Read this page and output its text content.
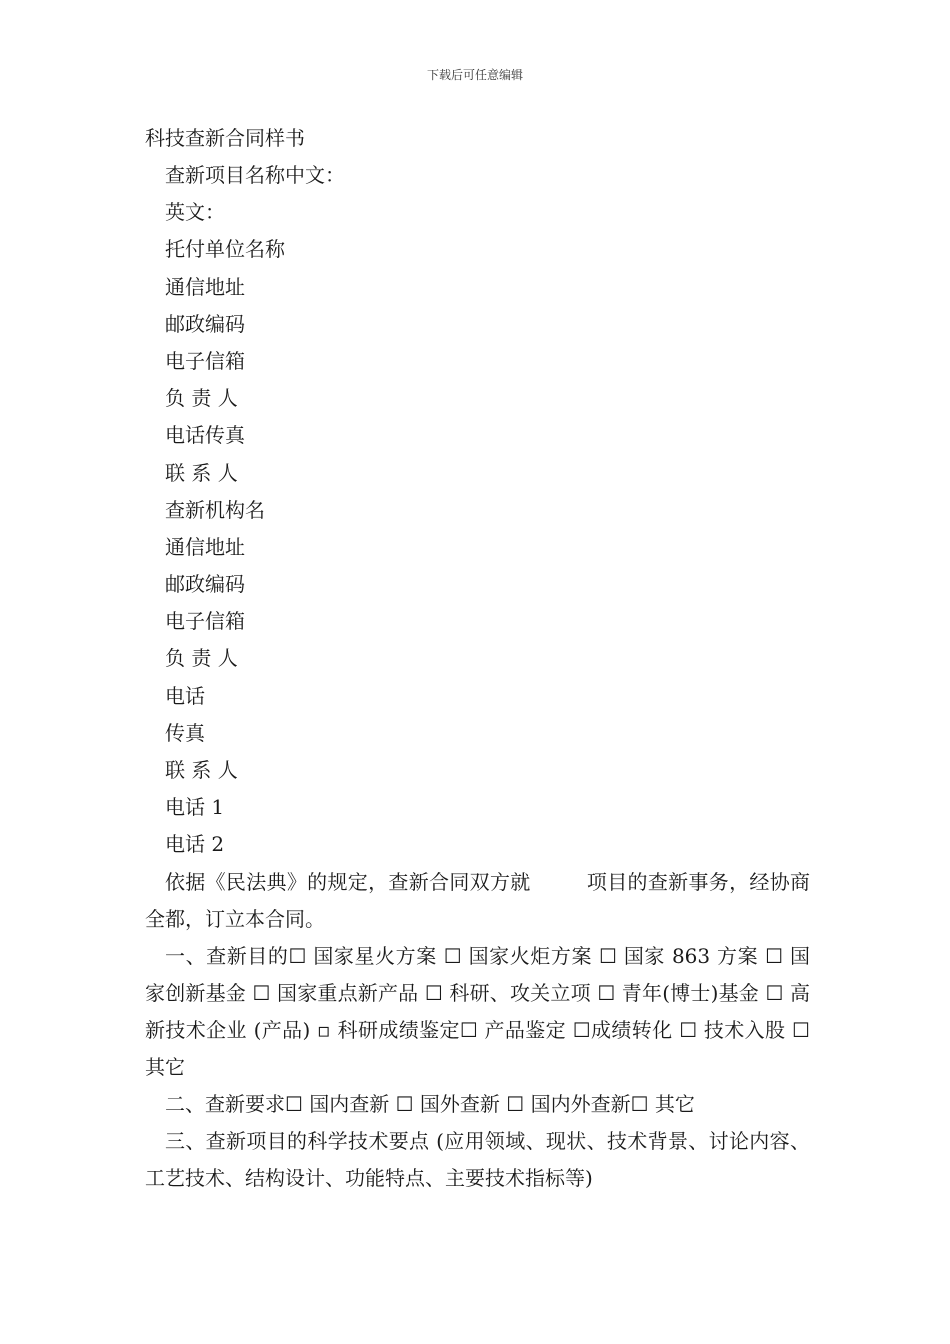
下载后可任意编辑
科技查新合同样书
查新项目名称中文：
英文：
托付单位名称
通信地址
邮政编码
电子信箱
负 责 人
电话传真
联 系 人
查新机构名
通信地址
邮政编码
电子信箱
负 责 人
电话
传真
联 系 人
电话 1
电话 2
依据《民法典》的规定，查新合同双方就	项目的查新事务，经协商全都，订立本合同。
一、查新目的☐ 国家星火方案 ☐ 国家火炬方案 ☐ 国家 863 方案 ☐ 国家创新基金 ☐ 国家重点新产品 ☐ 科研、攻关立项 ☐ 青年(博士)基金 ☐ 高新技术企业 (产品) ▫ 科研成绩鉴定☐ 产品鉴定 ☐成绩转化 ☐ 技术入股 ☐ 其它
二、查新要求☐ 国内查新 ☐ 国外查新 ☐ 国内外查新☐ 其它
三、查新项目的科学技术要点 (应用领域、现状、技术背景、讨论内容、工艺技术、结构设计、功能特点、主要技术指标等)
